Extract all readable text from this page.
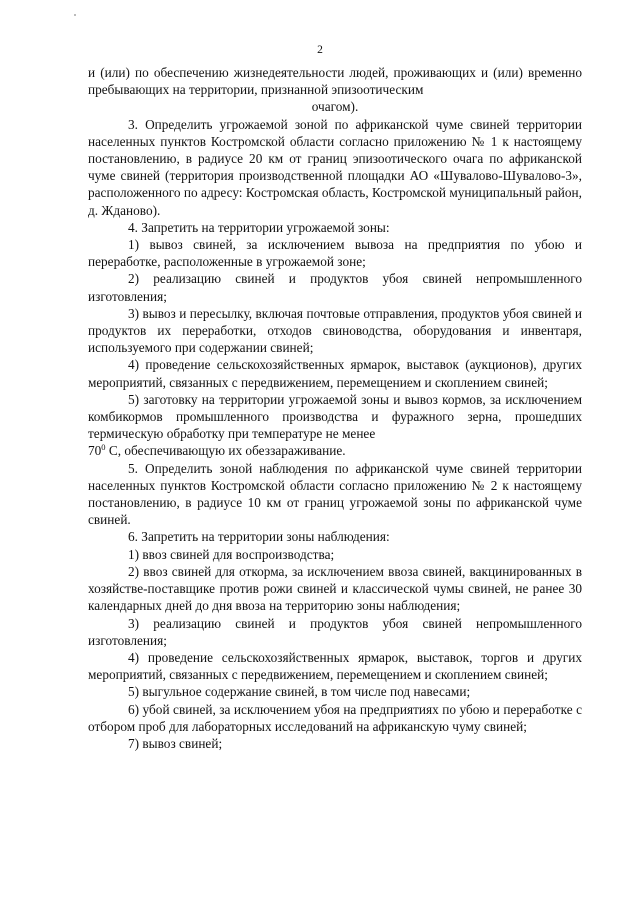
2

и (или) по обеспечению жизнедеятельности людей, проживающих и (или) временно пребывающих на территории, признанной эпизоотическим

очагом).

3. Определить угрожаемой зоной по африканской чуме свиней территории населенных пунктов Костромской области согласно приложению № 1 к настоящему постановлению, в радиусе 20 км от границ эпизоотического очага по африканской чуме свиней (территория производственной площадки АО «Шувалово-Шувалово-3», расположенного по адресу: Костромская область, Костромской муниципальный район, д. Жданово).

4. Запретить на территории угрожаемой зоны:

1) вывоз свиней, за исключением вывоза на предприятия по убою и переработке, расположенные в угрожаемой зоне;

2) реализацию свиней и продуктов убоя свиней непромышленного изготовления;

3) вывоз и пересылку, включая почтовые отправления, продуктов убоя свиней и продуктов их переработки, отходов свиноводства, оборудования и инвентаря, используемого при содержании свиней;

4) проведение сельскохозяйственных ярмарок, выставок (аукционов), других мероприятий, связанных с передвижением, перемещением и скоплением свиней;

5) заготовку на территории угрожаемой зоны и вывоз кормов, за исключением комбикормов промышленного производства и фуражного зерна, прошедших термическую обработку при температуре не менее

$70^0$ С, обеспечивающую их обеззараживание.

5. Определить зоной наблюдения по африканской чуме свиней территории населенных пунктов Костромской области согласно приложению № 2 к настоящему постановлению, в радиусе 10 км от границ угрожаемой зоны по африканской чуме свиней.

6. Запретить на территории зоны наблюдения:

1) ввоз свиней для воспроизводства;

2) ввоз свиней для откорма, за исключением ввоза свиней, вакцинированных в хозяйстве-поставщике против рожи свиней и классической чумы свиней, не ранее 30 календарных дней до дня ввоза на территорию зоны наблюдения;

3) реализацию свиней и продуктов убоя свиней непромышленного изготовления;

4) проведение сельскохозяйственных ярмарок, выставок, торгов и других мероприятий, связанных с передвижением, перемещением и скоплением свиней;

5) выгульное содержание свиней, в том числе под навесами;

6) убой свиней, за исключением убоя на предприятиях по убою и переработке с отбором проб для лабораторных исследований на африканскую чуму свиней;

7) вывоз свиней;
